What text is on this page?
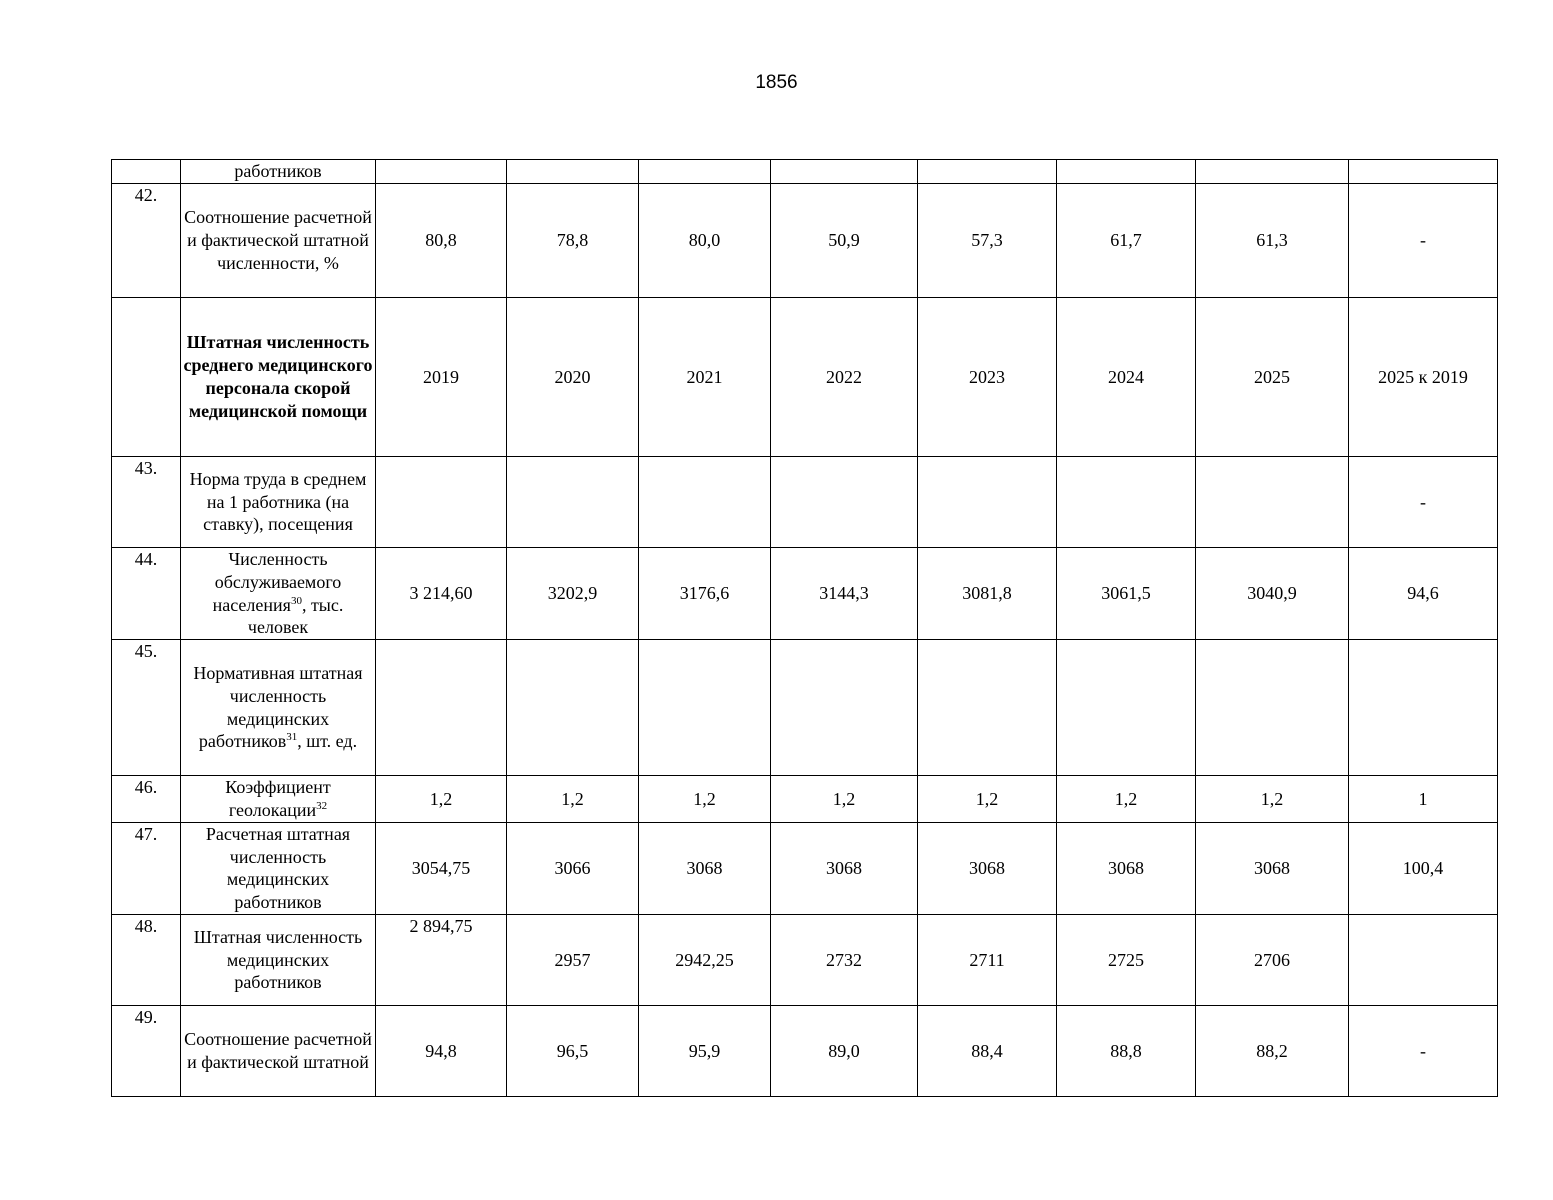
1856
	работников								
42.	Соотношение расчетной и фактической штатной численности, %	80,8	78,8	80,0	50,9	57,3	61,7	61,3	-
	Штатная численность среднего медицинского персонала скорой медицинской помощи	2019	2020	2021	2022	2023	2024	2025	2025 к 2019
43.	Норма труда в среднем на 1 работника (на ставку), посещения								-
44.	Численность обслуживаемого населения$^{30}$, тыс. человек	3 214,60	3202,9	3176,6	3144,3	3081,8	3061,5	3040,9	94,6
45.	Нормативная штатная численность медицинских работников$^{31}$, шт. ед.								
46.	Коэффициент геолокации$^{32}$	1,2	1,2	1,2	1,2	1,2	1,2	1,2	1
47.	Расчетная штатная численность медицинских работников	3054,75	3066	3068	3068	3068	3068	3068	100,4
48.	Штатная численность медицинских работников	2 894,75	2957	2942,25	2732	2711	2725	2706	
49.	Соотношение расчетной и фактической штатной	94,8	96,5	95,9	89,0	88,4	88,8	88,2	-
